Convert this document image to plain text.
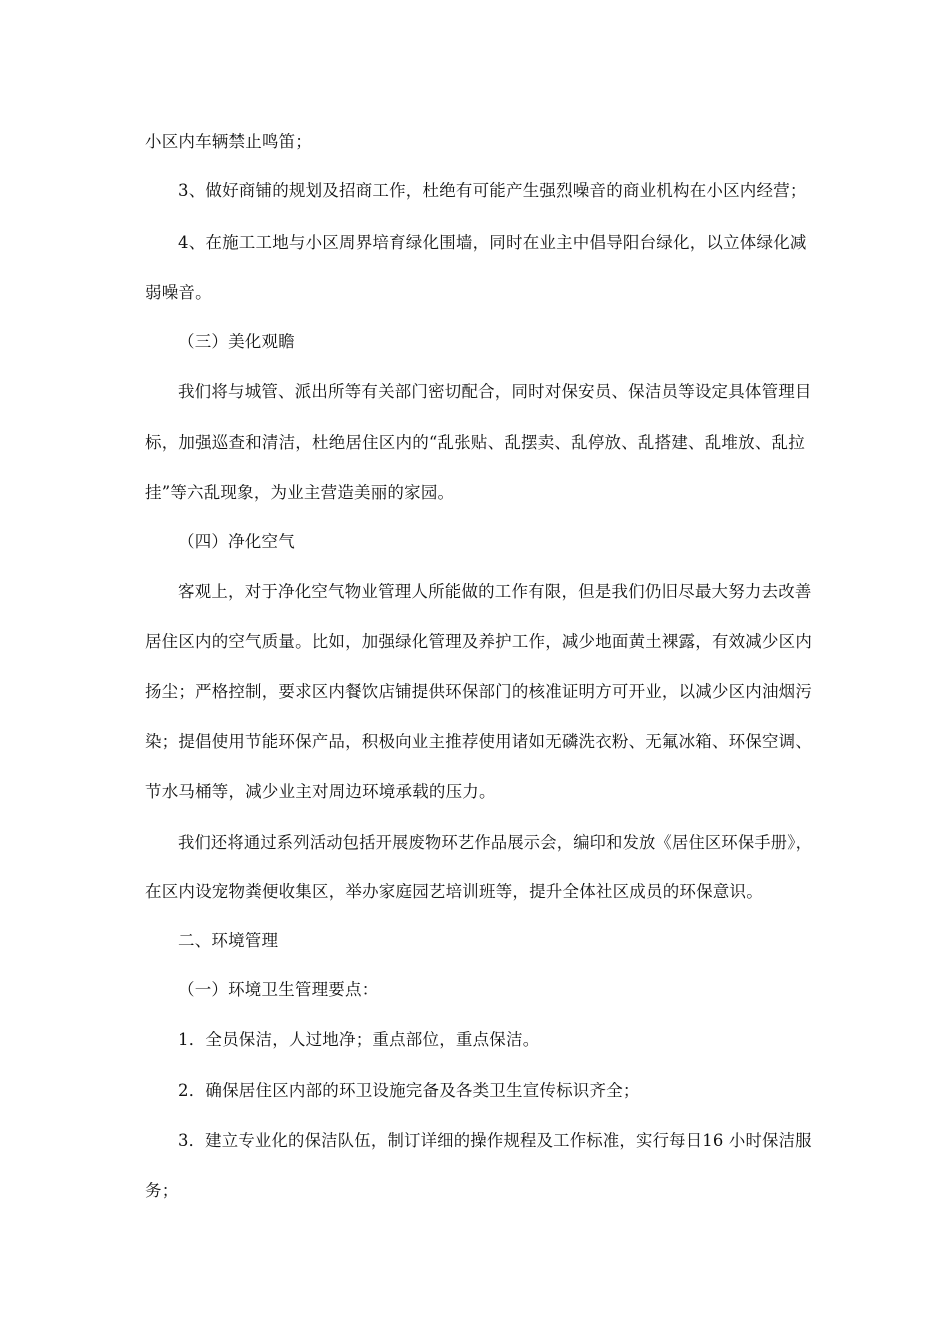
小区内车辆禁止鸣笛；
3、做好商铺的规划及招商工作，杜绝有可能产生强烈噪音的商业机构在小区内经营；
4、在施工工地与小区周界培育绿化围墙，同时在业主中倡导阳台绿化，以立体绿化减
弱噪音。
（三）美化观瞻
我们将与城管、派出所等有关部门密切配合，同时对保安员、保洁员等设定具体管理目
标，加强巡查和清洁，杜绝居住区内的“乱张贴、乱摆卖、乱停放、乱搭建、乱堆放、乱拉
挂”等六乱现象，为业主营造美丽的家园。
（四）净化空气
客观上，对于净化空气物业管理人所能做的工作有限，但是我们仍旧尽最大努力去改善
居住区内的空气质量。比如，加强绿化管理及养护工作，减少地面黄土裸露，有效减少区内
扬尘；严格控制，要求区内餐饮店铺提供环保部门的核准证明方可开业，以减少区内油烟污
染；提倡使用节能环保产品，积极向业主推荐使用诸如无磷洗衣粉、无氟冰箱、环保空调、
节水马桶等，减少业主对周边环境承载的压力。
我们还将通过系列活动包括开展废物环艺作品展示会，编印和发放《居住区环保手册》，
在区内设宠物粪便收集区，举办家庭园艺培训班等，提升全体社区成员的环保意识。
二、环境管理
（一）环境卫生管理要点：
1．全员保洁，人过地净；重点部位，重点保洁。
2．确保居住区内部的环卫设施完备及各类卫生宣传标识齐全；
3．建立专业化的保洁队伍，制订详细的操作规程及工作标准，实行每日16 小时保洁服
务；
